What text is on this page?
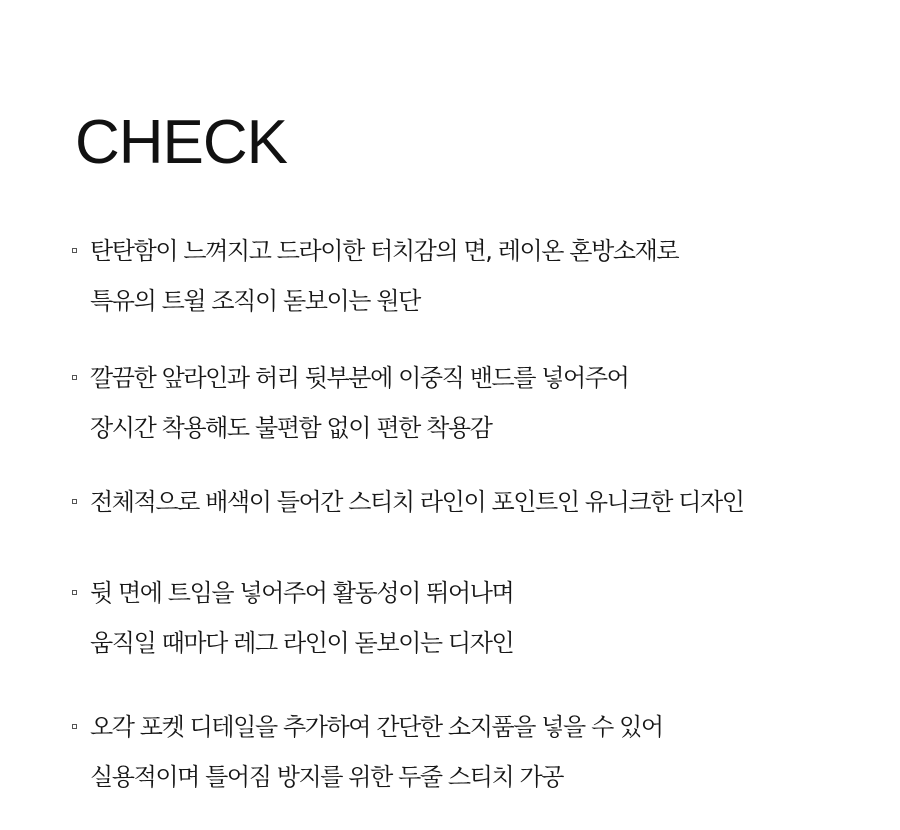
CHECK
탄탄함이 느껴지고 드라이한 터치감의 면, 레이온 혼방소재로
특유의 트윌 조직이 돋보이는 원단
깔끔한 앞라인과 허리 뒷부분에 이중직 밴드를 넣어주어
장시간 착용해도 불편함 없이 편한 착용감
전체적으로 배색이 들어간 스티치 라인이 포인트인 유니크한 디자인
뒷 면에 트임을 넣어주어 활동성이 뛰어나며
움직일 때마다 레그 라인이 돋보이는 디자인
오각 포켓 디테일을 추가하여 간단한 소지품을 넣을 수 있어
실용적이며 틀어짐 방지를 위한 두줄 스티치 가공
